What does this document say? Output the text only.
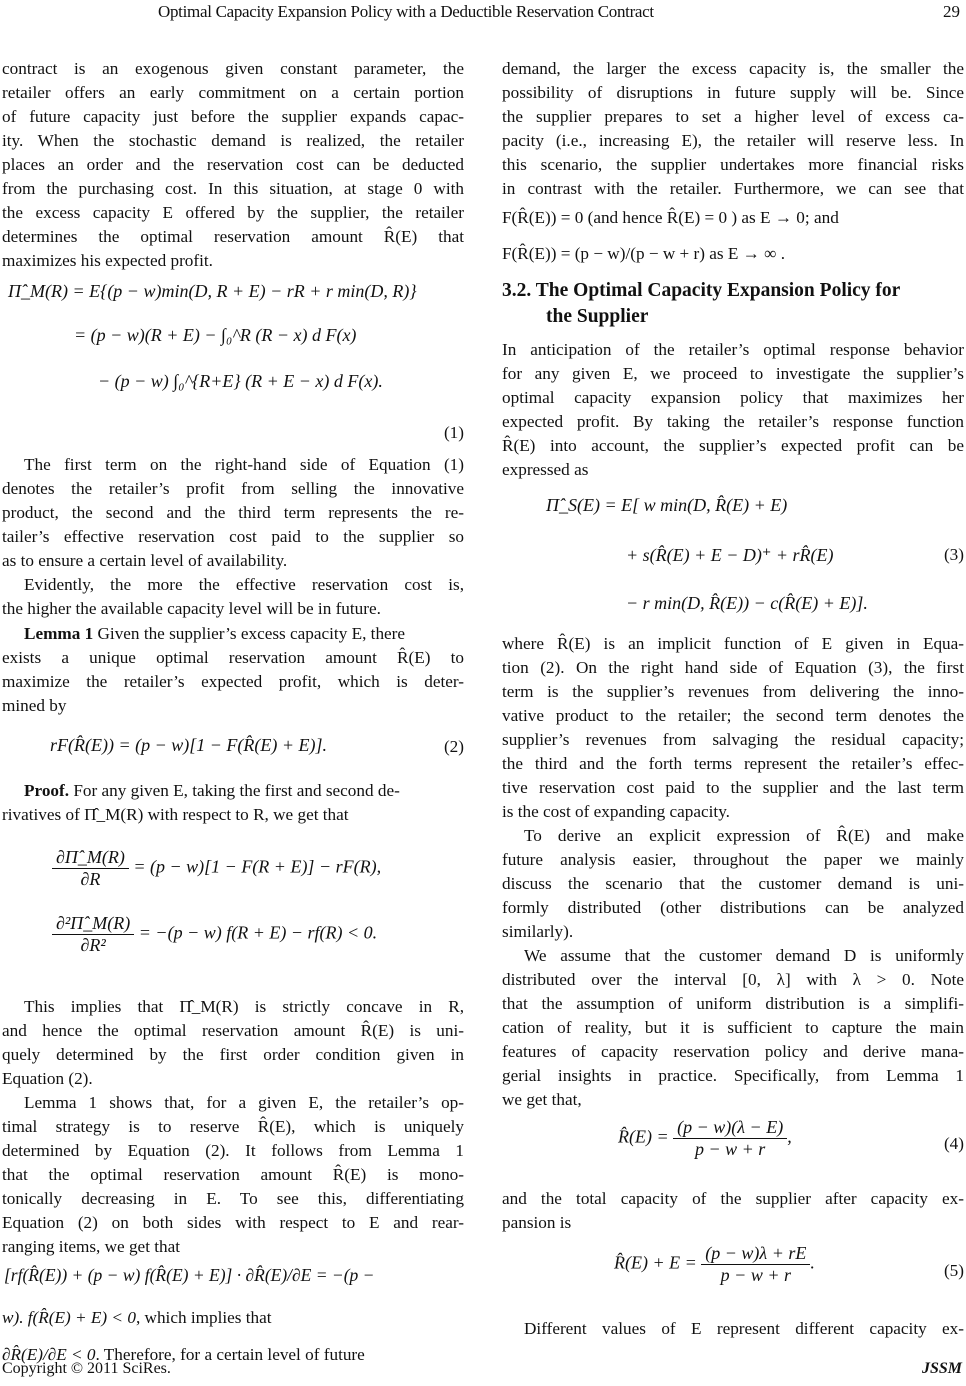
Optimal Capacity Expansion Policy with a Deductible Reservation Contract	29
contract is an exogenous given constant parameter, the
retailer offers an early commitment on a certain portion
of future capacity just before the supplier expands capac-
ity. When the stochastic demand is realized, the retailer
places an order and the reservation cost can be deducted
from the purchasing cost. In this situation, at stage 0 with
the excess capacity E offered by the supplier, the retailer
determines the optimal reservation amount R̂(E) that
maximizes his expected profit.
Π̂_M(R) = E{(p − w)min(D, R + E) − rR + r min(D, R)}
= (p − w)(R + E) − ∫₀^R (R − x) d F(x)
− (p − w) ∫₀^{R+E} (R + E − x) d F(x).
(1)
The first term on the right-hand side of Equation (1)
denotes the retailer’s profit from selling the innovative
product, the second and the third term represents the re-
tailer’s effective reservation cost paid to the supplier so
as to ensure a certain level of availability.
Evidently, the more the effective reservation cost is,
the higher the available capacity level will be in future.
Lemma 1 Given the supplier’s excess capacity E, there
exists a unique optimal reservation amount R̂(E) to
maximize the retailer’s expected profit, which is deter-
mined by
rF(R̂(E)) = (p − w)[1 − F(R̂(E) + E)].	(2)
Proof. For any given E, taking the first and second de-
rivatives of Π̂_M(R) with respect to R, we get that
$\frac{\partial\Pî\_M(R)}{\partial R} = (p - w)[1 - F(R + E)] - rF(R)$,
$\frac{\text{∂²Π̂\_M(R)}}{\text{∂R²}} = -(p - w) f(R + E) - rf(R) < 0$.
This implies that Π̂_M(R) is strictly concave in R,
and hence the optimal reservation amount R̂(E) is uni-
quely determined by the first order condition given in
Equation (2).
Lemma 1 shows that, for a given E, the retailer’s op-
timal strategy is to reserve R̂(E), which is uniquely
determined by Equation (2). It follows from Lemma 1
that the optimal reservation amount R̂(E) is mono-
tonically decreasing in E. To see this, differentiating
Equation (2) on both sides with respect to E and rear-
ranging items, we get that
[rf(R̂(E)) + (p − w) f(R̂(E) + E)] · ∂R̂(E)/∂E = −(p −
w). f(R̂(E) + E) < 0, which implies that
∂R̂(E)/∂E < 0. Therefore, for a certain level of future
demand, the larger the excess capacity is, the smaller the
possibility of disruptions in future supply will be. Since
the supplier prepares to set a higher level of excess ca-
pacity (i.e., increasing E), the retailer will reserve less. In
this scenario, the supplier undertakes more financial risks
in contrast with the retailer. Furthermore, we can see that
F(R̂(E)) = 0 (and hence R̂(E) = 0 ) as E → 0; and
F(R̂(E)) = (p − w)/(p − w + r) as E → ∞ .
3.2. The Optimal Capacity Expansion Policy for
the Supplier
In anticipation of the retailer’s optimal response behavior
for any given E, we proceed to investigate the supplier’s
optimal capacity expansion policy that maximizes her
expected profit. By taking the retailer’s response function
R̂(E) into account, the supplier’s expected profit can be
expressed as
Π̂_S(E) = E[ w min(D, R̂(E) + E)
+ s(R̂(E) + E − D)⁺ + rR̂(E)	(3)
− r min(D, R̂(E)) − c(R̂(E) + E)].
where R̂(E) is an implicit function of E given in Equa-
tion (2). On the right hand side of Equation (3), the first
term is the supplier’s revenues from delivering the inno-
vative product to the retailer; the second term denotes the
supplier’s revenues from salvaging the residual capacity;
the third and the forth terms represent the retailer’s effec-
tive reservation cost paid to the supplier and the last term
is the cost of expanding capacity.
To derive an explicit expression of R̂(E) and make
future analysis easier, throughout the paper we mainly
discuss the scenario that the customer demand is uni-
formly distributed (other distributions can be analyzed
similarly).
We assume that the customer demand D is uniformly
distributed over the interval [0, λ] with λ > 0. Note
that the assumption of uniform distribution is a simplifi-
cation of reality, but it is sufficient to capture the main
features of capacity reservation policy and derive mana-
gerial insights in practice. Specifically, from Lemma 1
we get that,
R̂(E) = $\frac{(p - w)(\lambda - E)}{p - w + r}$ ,	(4)
and the total capacity of the supplier after capacity ex-
pansion is
R̂(E) + $E = \frac{(p - w)\lambda + rE}{p - w + r}$ .	(5)
Different values of E represent different capacity ex-
Copyright © 2011 SciRes.	JSSM
